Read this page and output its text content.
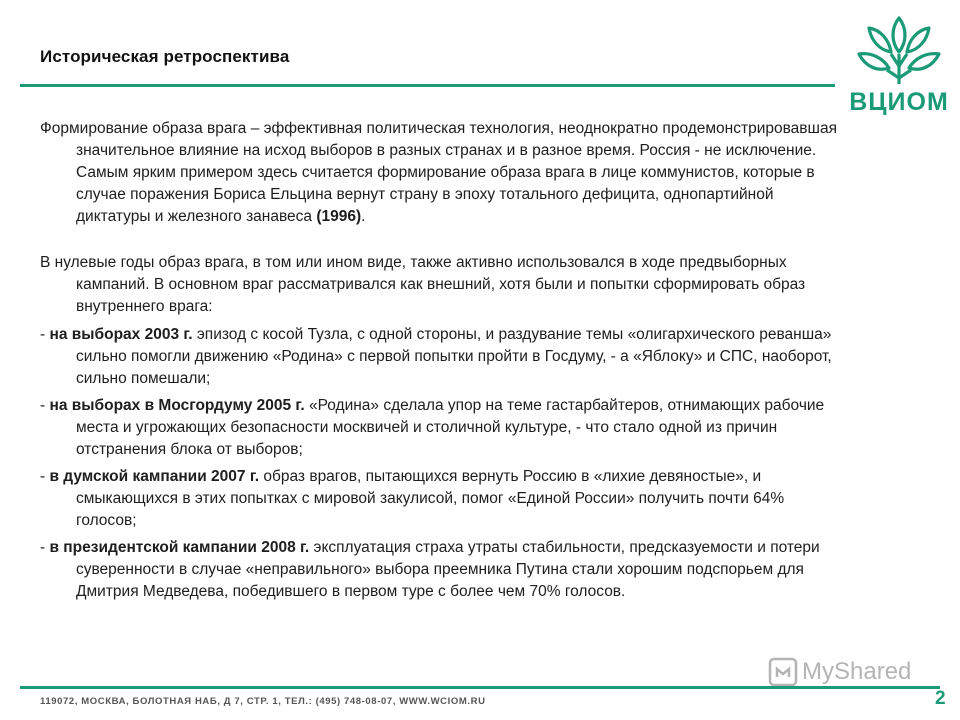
Историческая ретроспектива
ВЦИОМ
Формирование образа врага – эффективная политическая технология, неоднократно продемонстрировавшая значительное влияние на исход выборов в разных странах и в разное время. Россия - не исключение. Самым ярким примером здесь считается формирование образа врага в лице коммунистов, которые в случае поражения Бориса Ельцина вернут страну в эпоху тотального дефицита, однопартийной диктатуры и железного занавеса (1996).
В нулевые годы образ врага, в том или ином виде, также активно использовался в ходе предвыборных кампаний. В основном враг рассматривался как внешний, хотя были и попытки сформировать образ внутреннего врага:
- на выборах 2003 г. эпизод с косой Тузла, с одной стороны, и раздувание темы «олигархического реванша» сильно помогли движению «Родина» с первой попытки пройти в Госдуму, - а «Яблоку» и СПС, наоборот, сильно помешали;
- на выборах в Мосгордуму 2005 г. «Родина» сделала упор на теме гастарбайтеров, отнимающих рабочие места и угрожающих безопасности москвичей и столичной культуре, - что стало одной из причин отстранения блока от выборов;
- в думской кампании 2007 г. образ врагов, пытающихся вернуть Россию в «лихие девяностые», и смыкающихся в этих попытках с мировой закулисой, помог «Единой России» получить почти 64% голосов;
- в президентской кампании 2008 г. эксплуатация страха утраты стабильности, предсказуемости и потери суверенности в случае «неправильного» выбора преемника Путина стали хорошим подспорьем для Дмитрия Медведева, победившего в первом туре с более чем 70% голосов.
MyShared
119072, МОСКВА, БОЛОТНАЯ НАБ, Д 7, СТР. 1, ТЕЛ.: (495) 748-08-07, WWW.WCIOM.RU	2
